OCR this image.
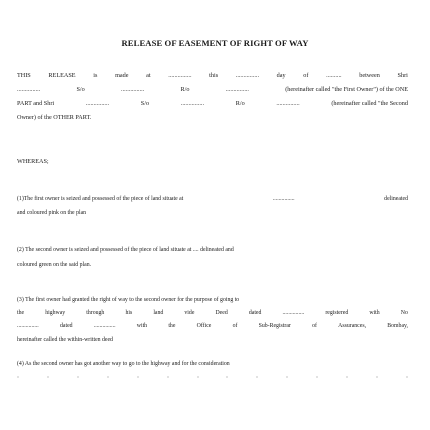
RELEASE OF EASEMENT OF RIGHT OF WAY
THIS	RELEASE	is	made	at	...............	this	...............	day	of	..........	between	Shri
...............	S/o	...............	R/o	...............	(hereinafter called "the First Owner") of the ONE
PART and Shri	...............	S/o	...............	R/o	...............	(hereinafter called "the Second
Owner) of the OTHER PART.
WHEREAS;
(1)The first owner is seized and possessed of the piece of land situate at	...............	delineated
and coloured pink on the plan
(2) The second owner is seized and possessed of the piece of land situate at .... delineated and
coloured green on the said plan.
(3) The first owner had granted the right of way to the second owner for the purpose of going to
the	highway	through	his	land	vide	Deed	dated	...............	registered	with	No
...............	dated	...............	with	the	Office	of	Sub-Registrar	of	Assurances,	Bombay,
hereinafter called the within-written deed
(4) As the second owner has got another way to go to the highway and for the consideration
